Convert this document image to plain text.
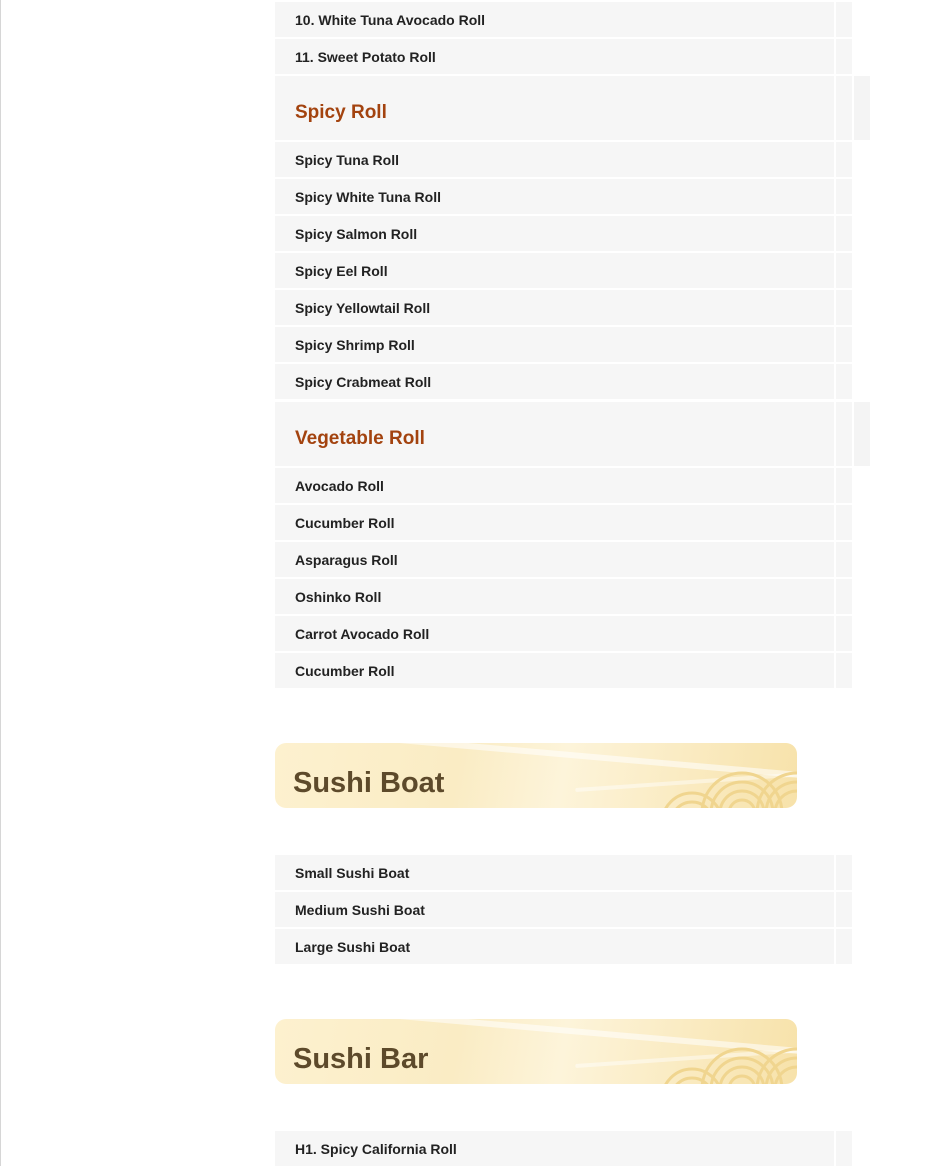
10. White Tuna Avocado Roll
11. Sweet Potato Roll
Spicy Roll
Spicy Tuna Roll
Spicy White Tuna Roll
Spicy Salmon Roll
Spicy Eel Roll
Spicy Yellowtail Roll
Spicy Shrimp Roll
Spicy Crabmeat Roll
Vegetable Roll
Avocado Roll
Cucumber Roll
Asparagus Roll
Oshinko Roll
Carrot Avocado Roll
Cucumber Roll
Sushi Boat
Small Sushi Boat
Medium Sushi Boat
Large Sushi Boat
Sushi Bar
H1. Spicy California Roll
